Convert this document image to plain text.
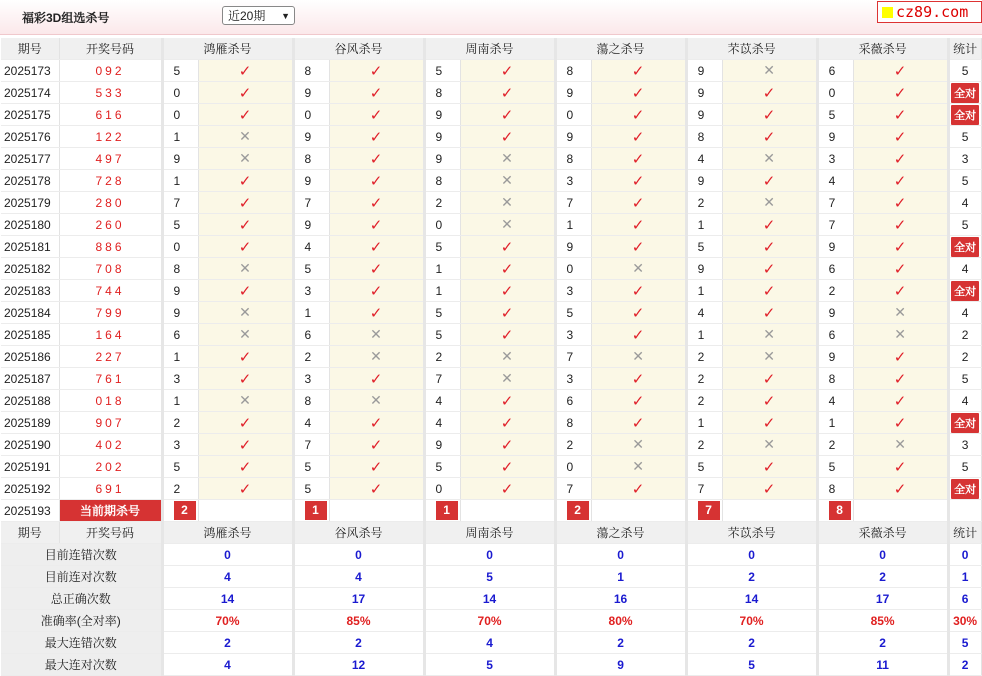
福彩3D组选杀号	近20期 ▼	cz89.com
期号	开奖号码	鸿雁杀号		谷风杀号		周南杀号		蕩之杀号		芣苡杀号		采薇杀号		统计
2025173	092	5	✓	8	✓	5	✓	8	✓	9	✕	6	✓	5
2025174	533	0	✓	9	✓	8	✓	9	✓	9	✓	0	✓	全对
2025175	616	0	✓	0	✓	9	✓	0	✓	9	✓	5	✓	全对
2025176	122	1	✕	9	✓	9	✓	9	✓	8	✓	9	✓	5
2025177	497	9	✕	8	✓	9	✕	8	✓	4	✕	3	✓	3
2025178	728	1	✓	9	✓	8	✕	3	✓	9	✓	4	✓	5
2025179	280	7	✓	7	✓	2	✕	7	✓	2	✕	7	✓	4
2025180	260	5	✓	9	✓	0	✕	1	✓	1	✓	7	✓	5
2025181	886	0	✓	4	✓	5	✓	9	✓	5	✓	9	✓	全对
2025182	708	8	✕	5	✓	1	✓	0	✕	9	✓	6	✓	4
2025183	744	9	✓	3	✓	1	✓	3	✓	1	✓	2	✓	全对
2025184	799	9	✕	1	✓	5	✓	5	✓	4	✓	9	✕	4
2025185	164	6	✕	6	✕	5	✓	3	✓	1	✕	6	✕	2
2025186	227	1	✓	2	✕	2	✕	7	✕	2	✕	9	✓	2
2025187	761	3	✓	3	✓	7	✕	3	✓	2	✓	8	✓	5
2025188	018	1	✕	8	✕	4	✓	6	✓	2	✓	4	✓	4
2025189	907	2	✓	4	✓	4	✓	8	✓	1	✓	1	✓	全对
2025190	402	3	✓	7	✓	9	✓	2	✕	2	✕	2	✕	3
2025191	202	5	✓	5	✓	5	✓	0	✕	5	✓	5	✓	5
2025192	691	2	✓	5	✓	0	✓	7	✓	7	✓	8	✓	全对
2025193	当前期杀号	2		1		1		2		7		8		
期号	开奖号码	鸿雁杀号		谷风杀号		周南杀号		蕩之杀号		芣苡杀号		采薇杀号		统计
目前连错次数		0		0		0		0		0		0		0
目前连对次数		4		4		5		1		2		2		1
总正确次数		14		17		14		16		14		17		6
准确率(全对率)		70%		85%		70%		80%		70%		85%		30%
最大连错次数		2		2		4		2		2		2		5
最大连对次数		4		12		5		9		5		11		2
